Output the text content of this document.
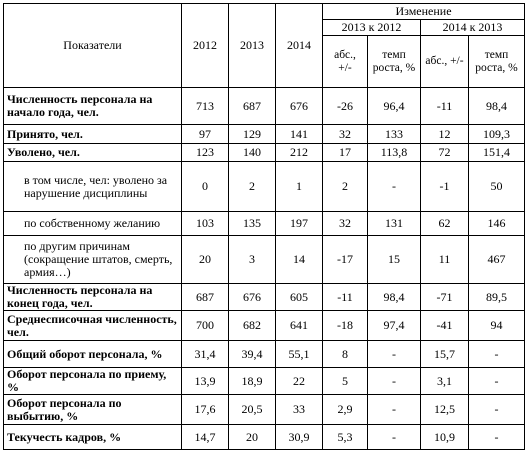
Показатели	2012	2013	2014	Изменение			
				2013 к 2012		2014 к 2013	
				абс., +/-	темп роста, %	абс., +/-	темп роста, %
Численность персонала на начало года, чел.	713	687	676	-26	96,4	-11	98,4
Принято, чел.	97	129	141	32	133	12	109,3
Уволено, чел.	123	140	212	17	113,8	72	151,4
в том числе, чел: уволено за нарушение дисциплины	0	2	1	2	-	-1	50
по собственному желанию	103	135	197	32	131	62	146
по другим причинам (сокращение штатов, смерть, армия…)	20	3	14	-17	15	11	467
Численность персонала на конец года, чел.	687	676	605	-11	98,4	-71	89,5
Среднесписочная численность, чел.	700	682	641	-18	97,4	-41	94
Общий оборот персонала, %	31,4	39,4	55,1	8	-	15,7	-
Оборот персонала по приему, %	13,9	18,9	22	5	-	3,1	-
Оборот персонала по выбытию, %	17,6	20,5	33	2,9	-	12,5	-
Текучесть кадров, %	14,7	20	30,9	5,3	-	10,9	-
